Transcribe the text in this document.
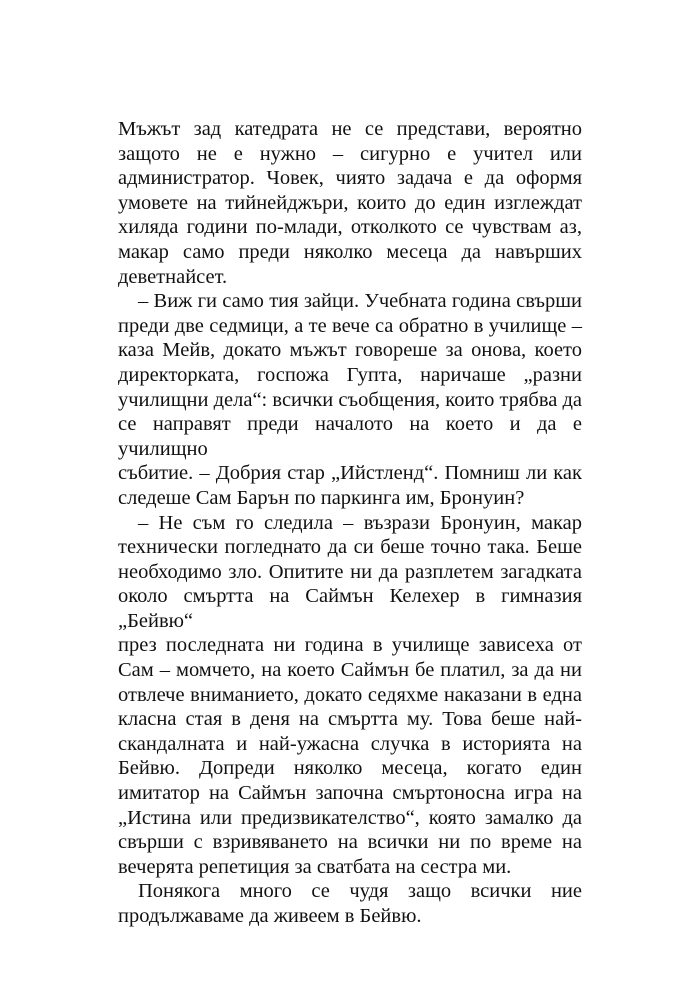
Мъжът зад катедрата не се представи, вероятно
защото не е нужно – сигурно е учител или
администратор. Човек, чиято задача е да оформя
умовете на тийнейджъри, които до един изглеждат
хиляда години по-млади, отколкото се чувствам аз,
макар само преди няколко месеца да навърших
деветнайсет.

– Виж ги само тия зайци. Учебната година свърши
преди две седмици, а те вече са обратно в училище –
каза Мейв, докато мъжът говореше за онова, което
директорката, госпожа Гупта, наричаше „разни
училищни дела“: всички съобщения, които трябва да
се направят преди началото на което и да е училищно
събитие. – Добрия стар „Ийстленд“. Помниш ли как
следеше Сам Барън по паркинга им, Бронуин?

– Не съм го следила – възрази Бронуин, макар
технически погледнато да си беше точно така. Беше
необходимо зло. Опитите ни да разплетем загадката
около смъртта на Саймън Келехер в гимназия „Бейвю“
през последната ни година в училище зависеха от
Сам – момчето, на което Саймън бе платил, за да ни
отвлече вниманието, докато седяхме наказани в една
класна стая в деня на смъртта му. Това беше най-
скандалната и най-ужасна случка в историята на
Бейвю. Допреди няколко месеца, когато един
имитатор на Саймън започна смъртоносна игра на
„Истина или предизвикателство“, която замалко да
свърши с взривяването на всички ни по време на
вечерята репетиция за сватбата на сестра ми.

Понякога много се чудя защо всички ние
продължаваме да живеем в Бейвю.
